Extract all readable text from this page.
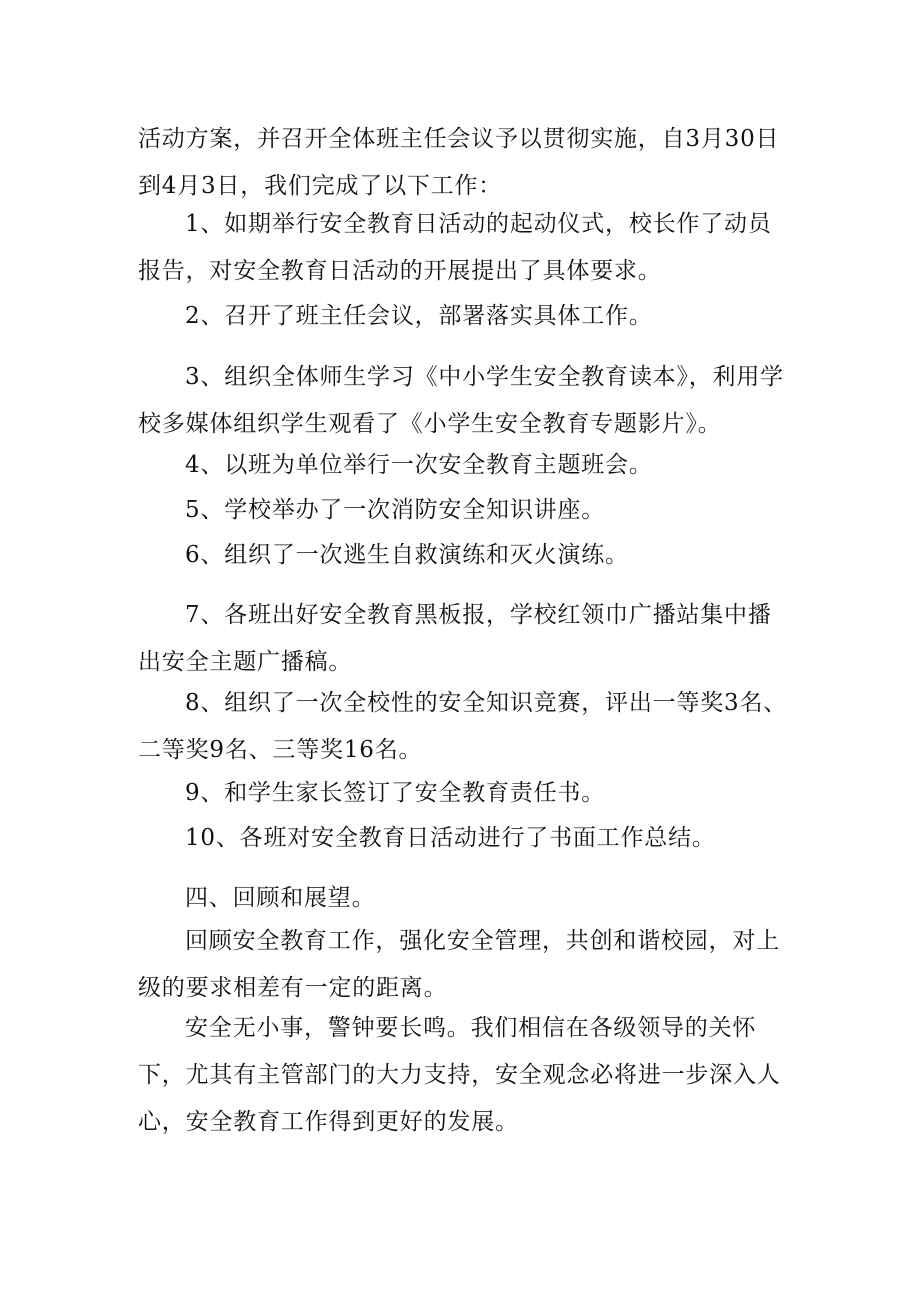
活动方案，并召开全体班主任会议予以贯彻实施，自3月30日到4月3日，我们完成了以下工作：

1、如期举行安全教育日活动的起动仪式，校长作了动员报告，对安全教育日活动的开展提出了具体要求。

2、召开了班主任会议，部署落实具体工作。

3、组织全体师生学习《中小学生安全教育读本》，利用学校多媒体组织学生观看了《小学生安全教育专题影片》。

4、以班为单位举行一次安全教育主题班会。

5、学校举办了一次消防安全知识讲座。

6、组织了一次逃生自救演练和灭火演练。

7、各班出好安全教育黑板报，学校红领巾广播站集中播出安全主题广播稿。

8、组织了一次全校性的安全知识竞赛，评出一等奖3名、二等奖9名、三等奖16名。

9、和学生家长签订了安全教育责任书。

10、各班对安全教育日活动进行了书面工作总结。

四、回顾和展望。

回顾安全教育工作，强化安全管理，共创和谐校园，对上级的要求相差有一定的距离。

安全无小事，警钟要长鸣。我们相信在各级领导的关怀下，尤其有主管部门的大力支持，安全观念必将进一步深入人心，安全教育工作得到更好的发展。
